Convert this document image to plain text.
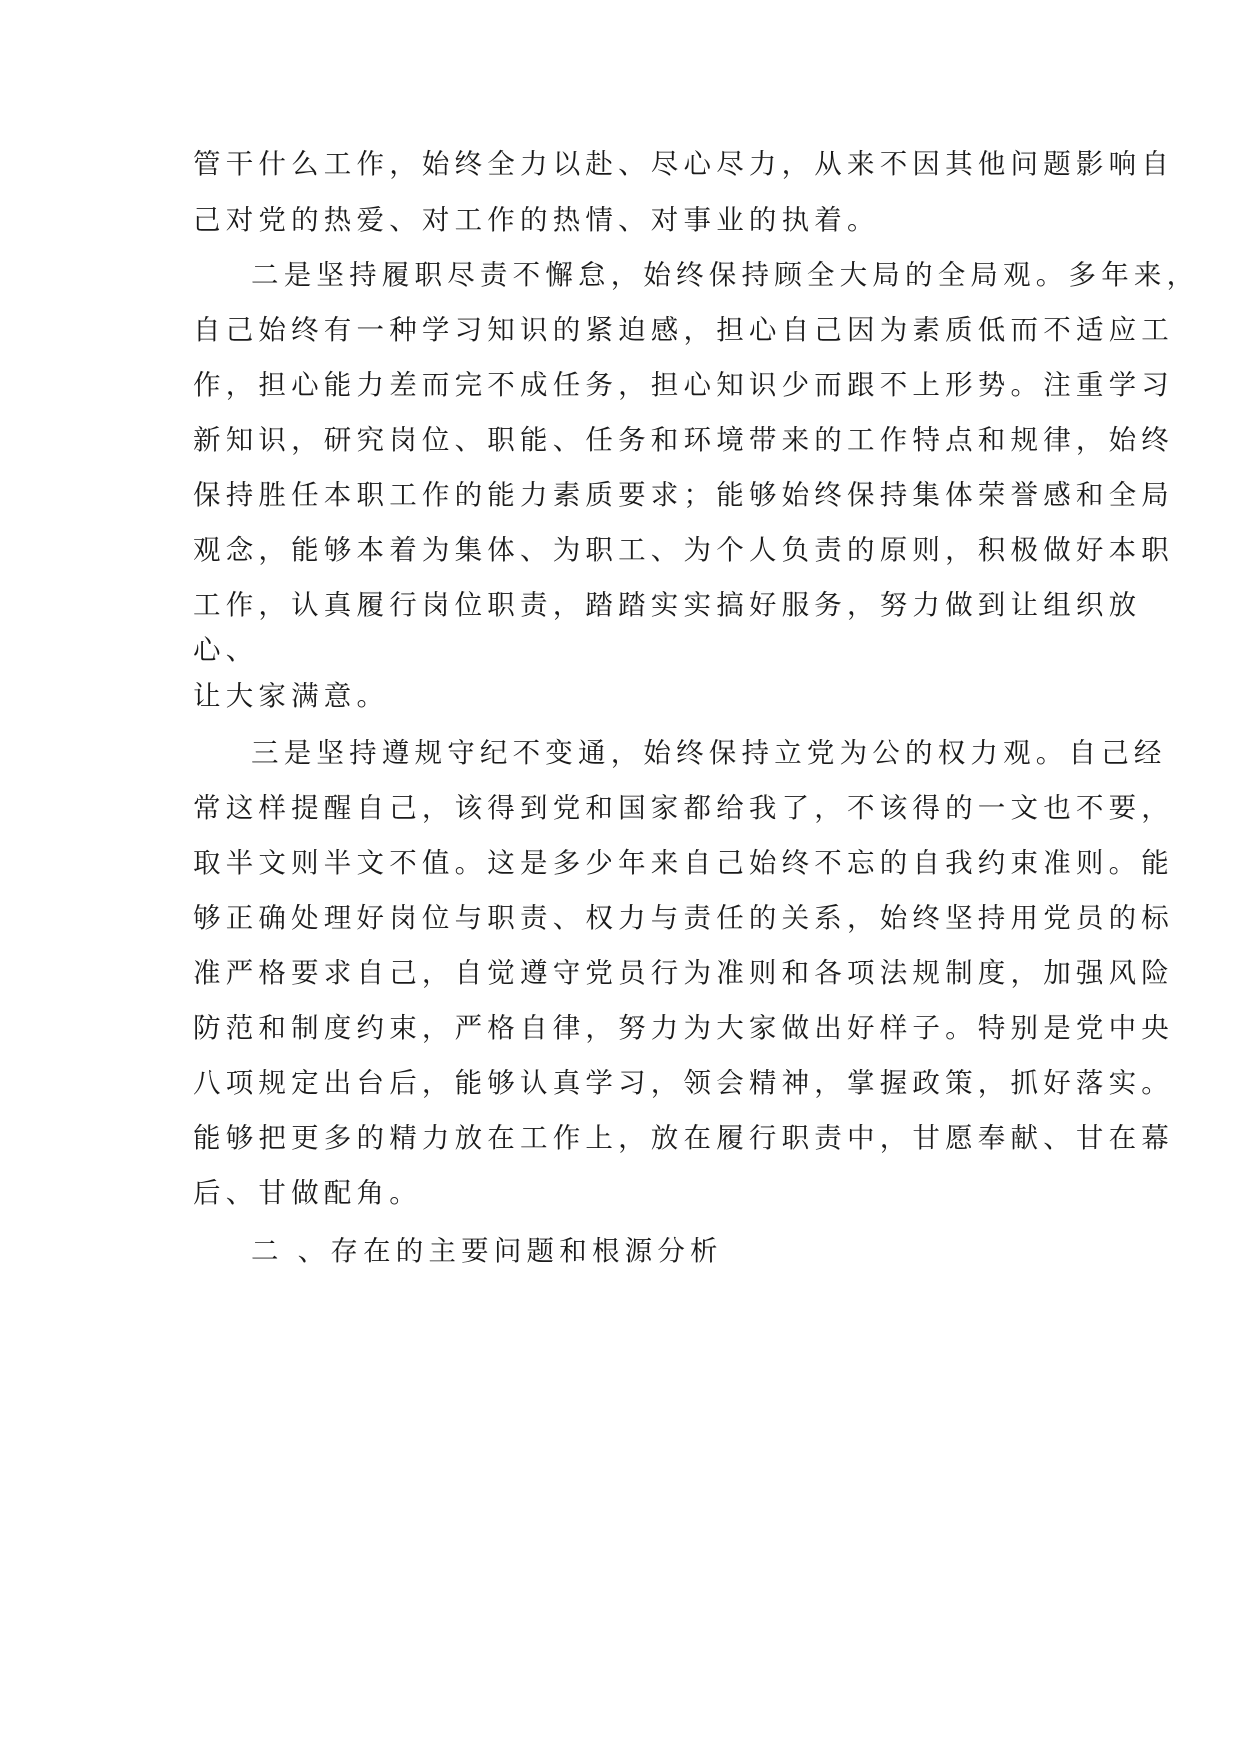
管干什么工作，始终全力以赴、尽心尽力，从来不因其他问题影响自
己对党的热爱、对工作的热情、对事业的执着。
二是坚持履职尽责不懈怠，始终保持顾全大局的全局观。多年来，
自己始终有一种学习知识的紧迫感，担心自己因为素质低而不适应工
作，担心能力差而完不成任务，担心知识少而跟不上形势。注重学习
新知识，研究岗位、职能、任务和环境带来的工作特点和规律，始终
保持胜任本职工作的能力素质要求；能够始终保持集体荣誉感和全局
观念，能够本着为集体、为职工、为个人负责的原则，积极做好本职
工作，认真履行岗位职责，踏踏实实搞好服务，努力做到让组织放
心、
让大家满意。
三是坚持遵规守纪不变通，始终保持立党为公的权力观。自己经
常这样提醒自己，该得到党和国家都给我了，不该得的一文也不要，
取半文则半文不值。这是多少年来自己始终不忘的自我约束准则。能
够正确处理好岗位与职责、权力与责任的关系，始终坚持用党员的标
准严格要求自己，自觉遵守党员行为准则和各项法规制度，加强风险
防范和制度约束，严格自律，努力为大家做出好样子。特别是党中央
八项规定出台后，能够认真学习，领会精神，掌握政策，抓好落实。
能够把更多的精力放在工作上，放在履行职责中，甘愿奉献、甘在幕
后、甘做配角。
二 、存在的主要问题和根源分析
